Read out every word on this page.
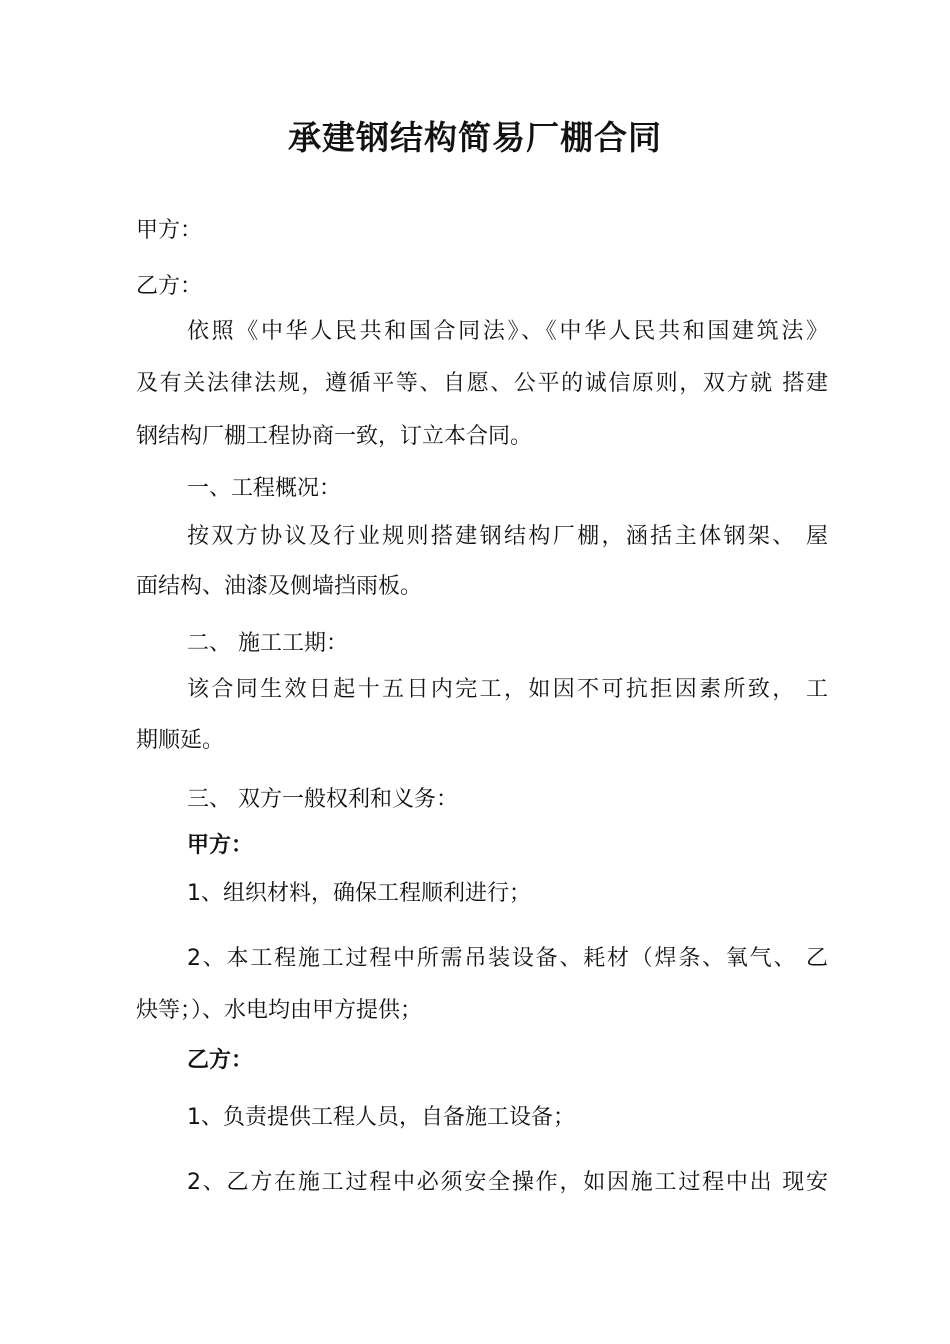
承建钢结构简易厂棚合同
甲方：
乙方：
依照《中华人民共和国合同法》、《中华人民共和国建筑法》
及有关法律法规，遵循平等、自愿、公平的诚信原则，双方就 搭建
钢结构厂棚工程协商一致，订立本合同。
一、工程概况：
按双方协议及行业规则搭建钢结构厂棚，涵括主体钢架、 屋
面结构、油漆及侧墙挡雨板。
二、 施工工期：
该合同生效日起十五日内完工，如因不可抗拒因素所致， 工
期顺延。
三、 双方一般权利和义务：
甲方：
1、组织材料，确保工程顺利进行；
2、本工程施工过程中所需吊装设备、耗材（焊条、氧气、 乙
炔等；）、水电均由甲方提供；
乙方：
1、负责提供工程人员，自备施工设备；
2、乙方在施工过程中必须安全操作，如因施工过程中出 现安
